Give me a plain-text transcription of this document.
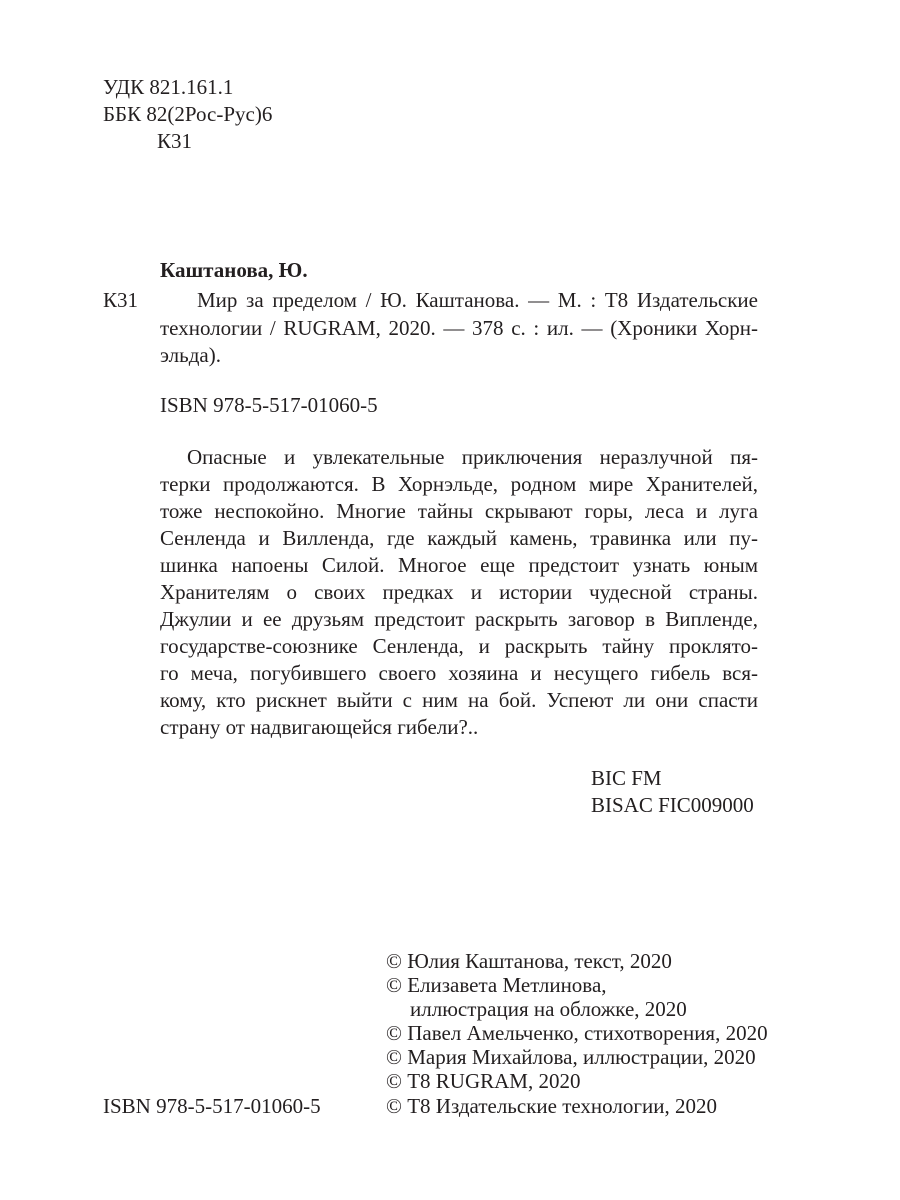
УДК 821.161.1
ББК 82(2Рос-Рус)6
К31
Каштанова, Ю.
К31	Мир за пределом / Ю. Каштанова. — М. : Т8 Издательские
технологии / RUGRAM, 2020. — 378 с. : ил. — (Хроники Хорн-
эльда).
ISBN 978-5-517-01060-5
Опасные и увлекательные приключения неразлучной пя-
терки продолжаются. В Хорнэльде, родном мире Хранителей,
тоже неспокойно. Многие тайны скрывают горы, леса и луга
Сенленда и Вилленда, где каждый камень, травинка или пу-
шинка напоены Силой. Многое еще предстоит узнать юным
Хранителям о своих предках и истории чудесной страны.
Джулии и ее друзьям предстоит раскрыть заговор в Випленде,
государстве-союзнике Сенленда, и раскрыть тайну проклято-
го меча, погубившего своего хозяина и несущего гибель вся-
кому, кто рискнет выйти с ним на бой. Успеют ли они спасти
страну от надвигающейся гибели?..
BIC FM
BISAC FIC009000
© Юлия Каштанова, текст, 2020
© Елизавета Метлинова,
иллюстрация на обложке, 2020
© Павел Амельченко, стихотворения, 2020
© Мария Михайлова, иллюстрации, 2020
© Т8 RUGRAM, 2020
© Т8 Издательские технологии, 2020
ISBN 978-5-517-01060-5
